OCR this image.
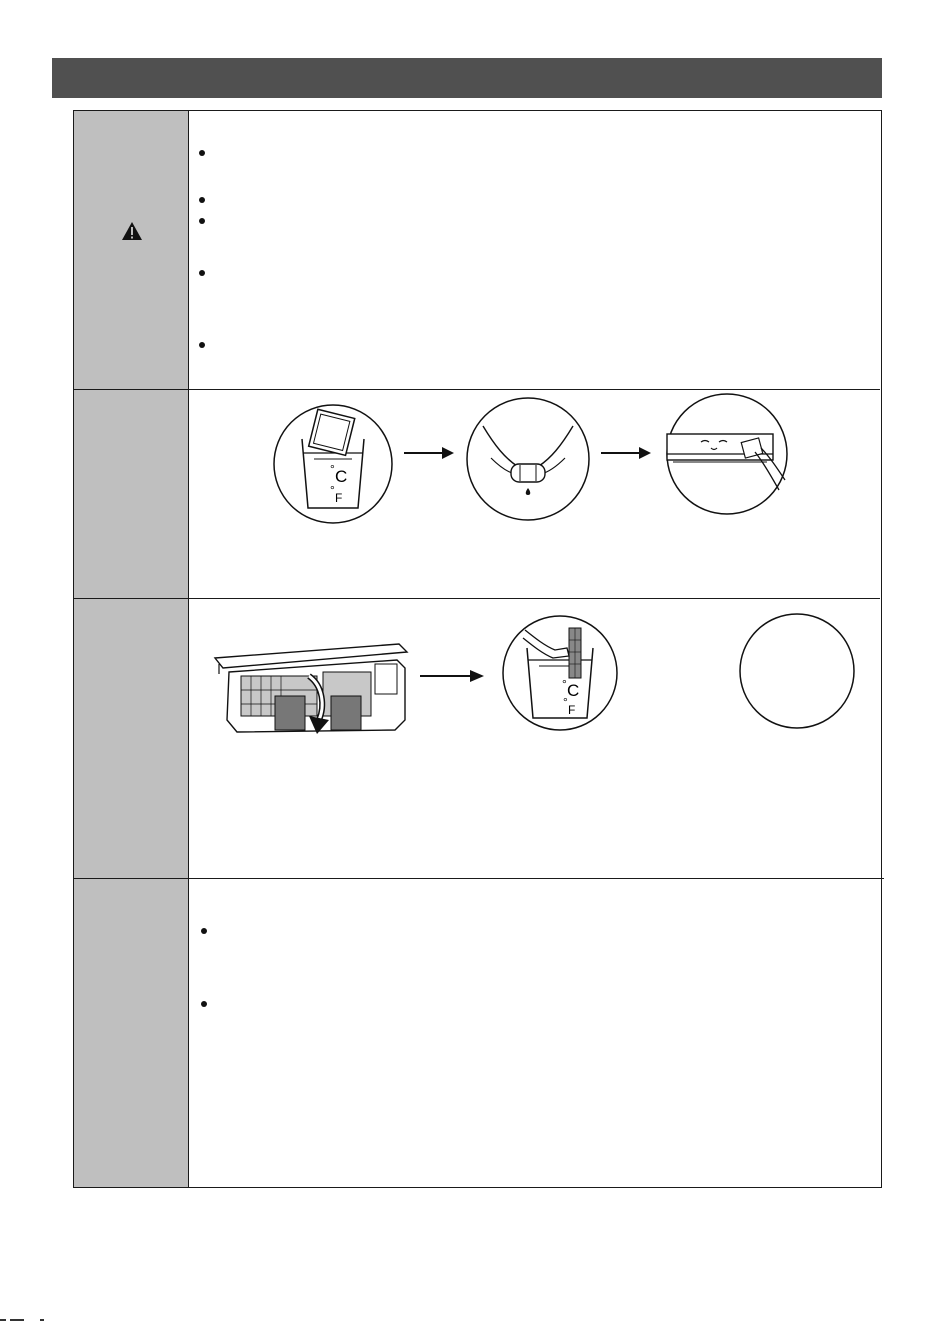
C
°
F
°
C
°
F
°
